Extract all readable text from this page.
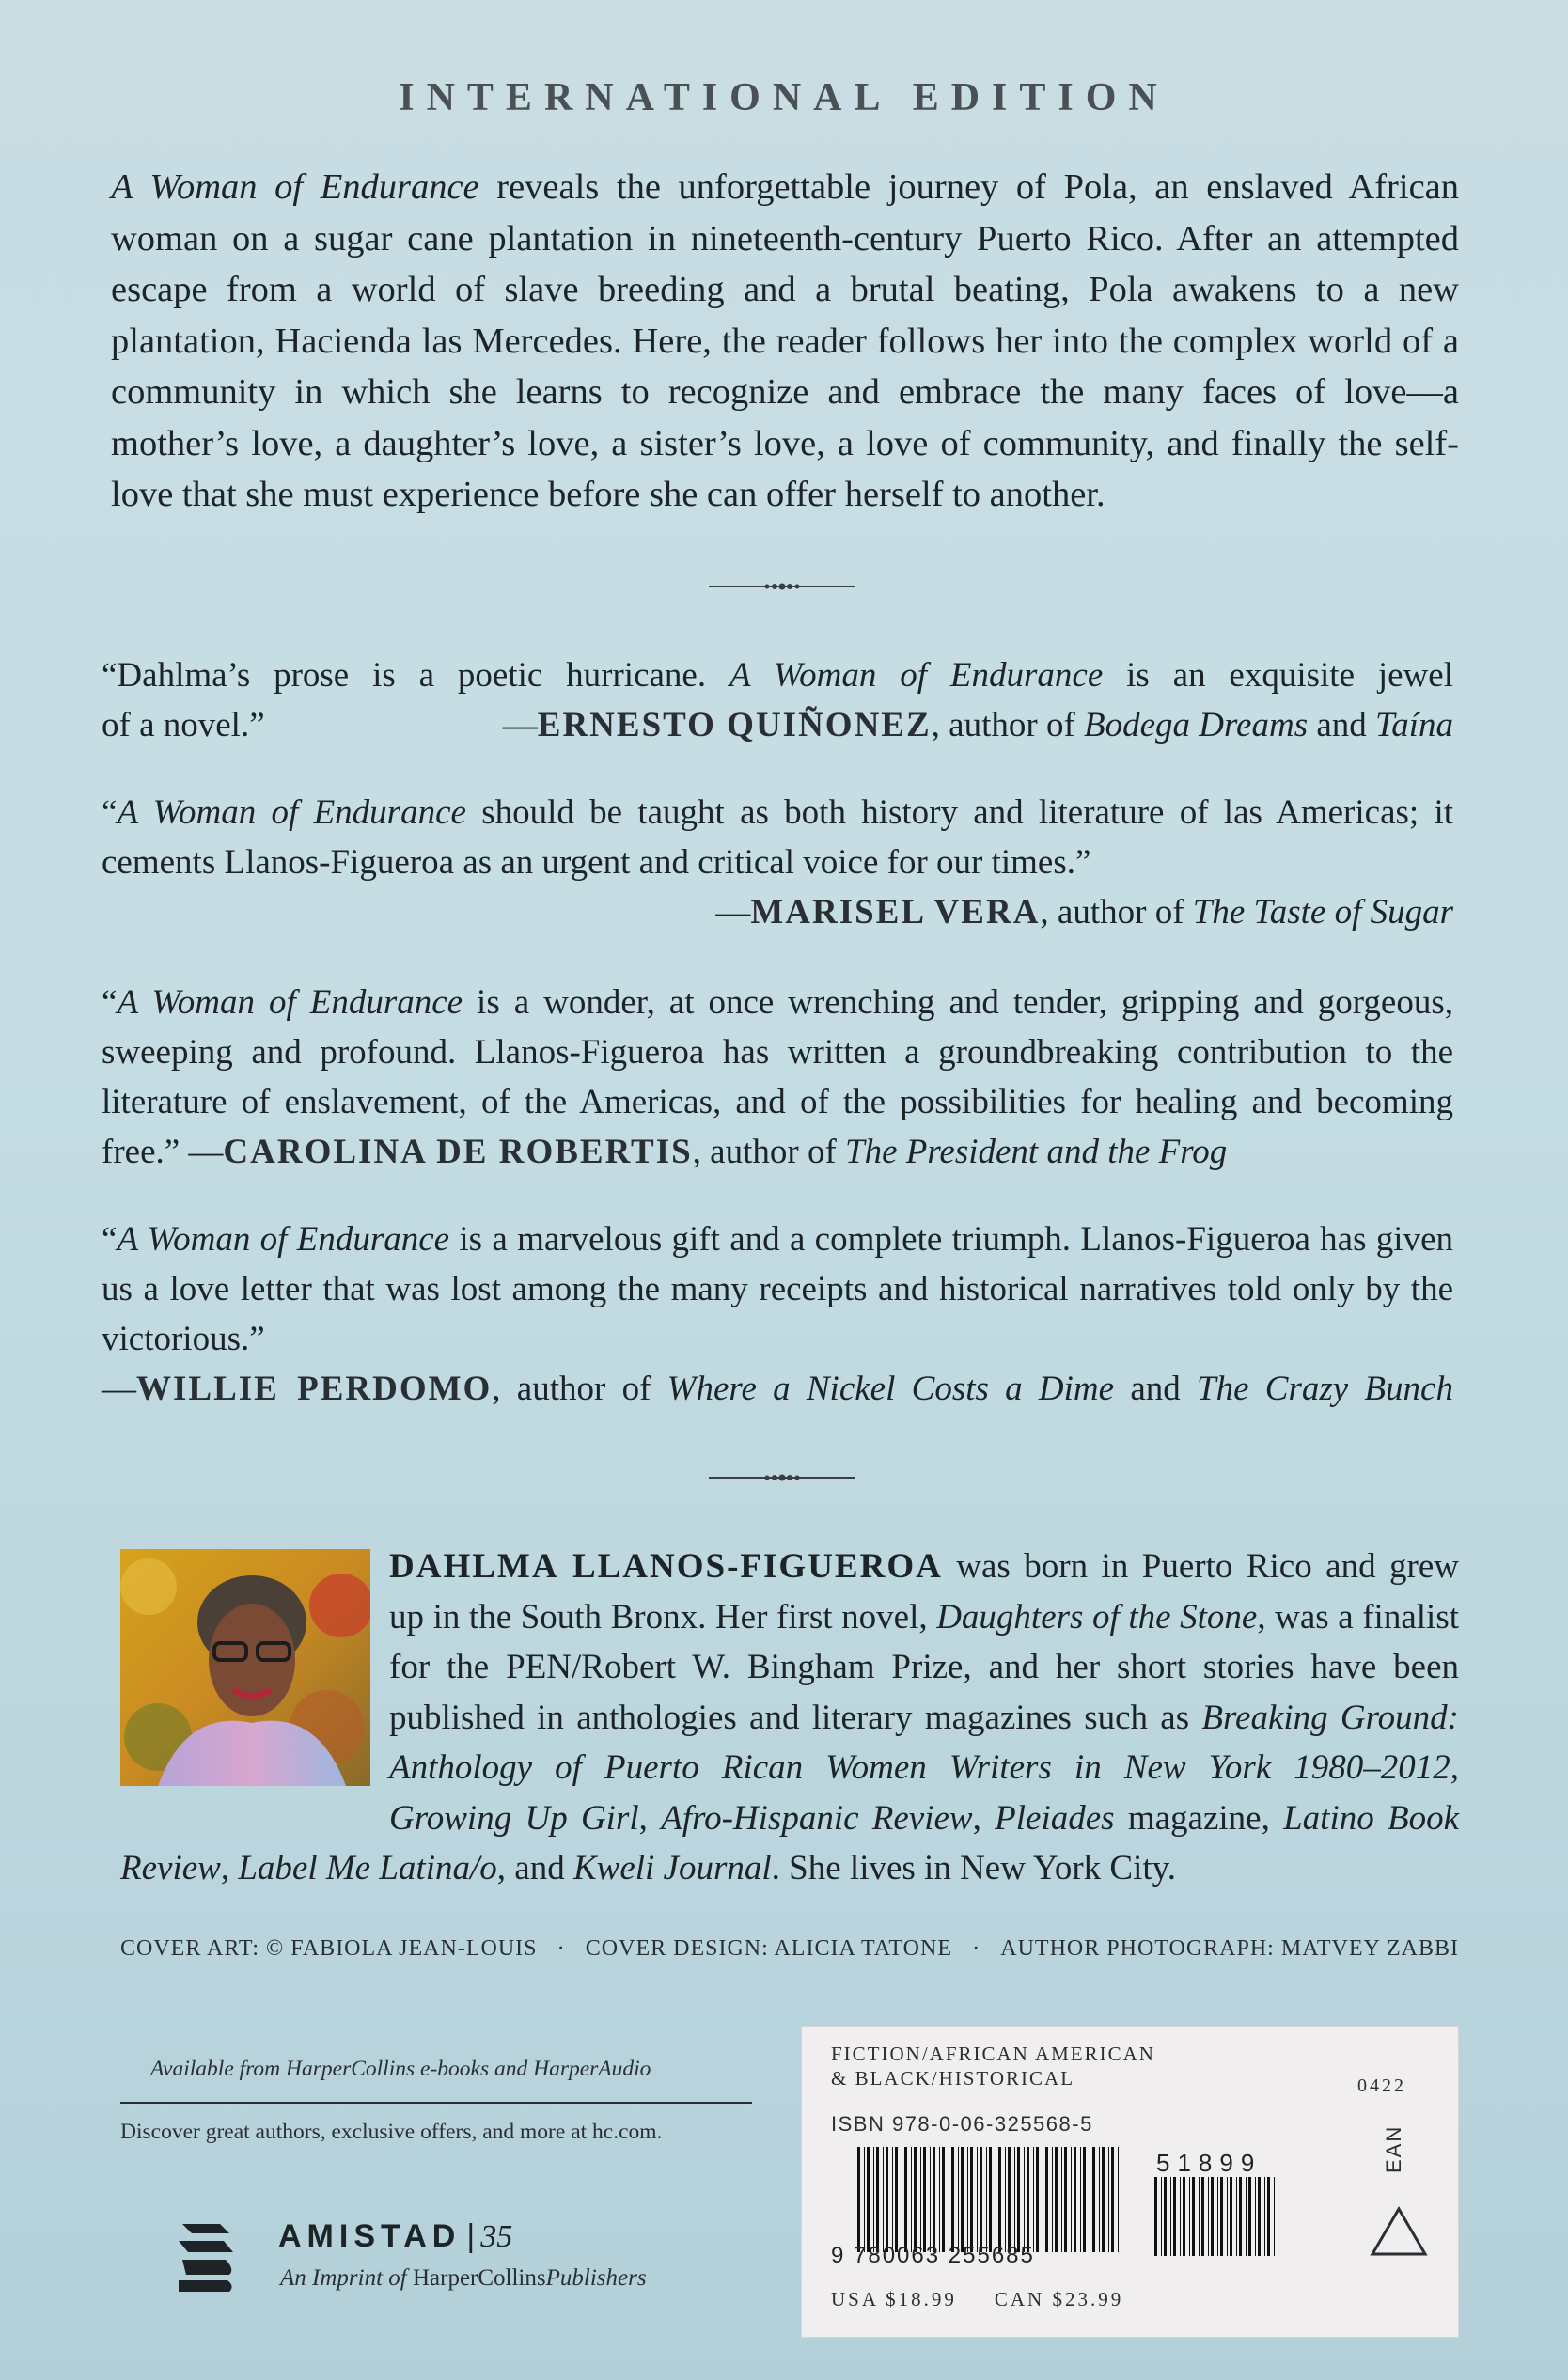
INTERNATIONAL EDITION
A Woman of Endurance reveals the unforgettable journey of Pola, an enslaved African woman on a sugar cane plantation in nineteenth-century Puerto Rico. After an attempted escape from a world of slave breeding and a brutal beating, Pola awakens to a new plantation, Hacienda las Mercedes. Here, the reader follows her into the complex world of a community in which she learns to recognize and embrace the many faces of love—a mother’s love, a daughter’s love, a sister’s love, a love of community, and finally the self-love that she must experience before she can offer herself to another.
“Dahlma’s prose is a poetic hurricane. A Woman of Endurance is an exquisite jewel
of a novel.”	—ERNESTO QUIÑONEZ, author of Bodega Dreams and Taína
“A Woman of Endurance should be taught as both history and literature of las Americas; it cements Llanos-Figueroa as an urgent and critical voice for our times.”
—MARISEL VERA, author of The Taste of Sugar
“A Woman of Endurance is a wonder, at once wrenching and tender, gripping and gorgeous, sweeping and profound. Llanos-Figueroa has written a groundbreaking contribution to the literature of enslavement, of the Americas, and of the possibilities for healing and becoming free.” —CAROLINA DE ROBERTIS, author of The President and the Frog
“A Woman of Endurance is a marvelous gift and a complete triumph. Llanos-Figueroa has given us a love letter that was lost among the many receipts and historical narratives told only by the victorious.”
—WILLIE PERDOMO, author of Where a Nickel Costs a Dime and The Crazy Bunch
DAHLMA LLANOS-FIGUEROA was born in Puerto Rico and grew up in the South Bronx. Her first novel, Daughters of the Stone, was a finalist for the PEN/Robert W. Bingham Prize, and her short stories have been published in anthologies and literary magazines such as Breaking Ground: Anthology of Puerto Rican Women Writers in New York 1980–2012, Growing Up Girl, Afro-Hispanic Review, Pleiades magazine, Latino Book Review, Label Me Latina/o, and Kweli Journal. She lives in New York City.
COVER ART: © FABIOLA JEAN-LOUIS · COVER DESIGN: ALICIA TATONE · AUTHOR PHOTOGRAPH: MATVEY ZABBI
Available from HarperCollins e-books and HarperAudio
Discover great authors, exclusive offers, and more at hc.com.
AMISTAD | 35
An Imprint of HarperCollinsPublishers
FICTION/AFRICAN AMERICAN
& BLACK/HISTORICAL	0422
ISBN 978-0-06-325568-5
9 780063 255685
51899	EAN
USA $18.99 CAN $23.99
